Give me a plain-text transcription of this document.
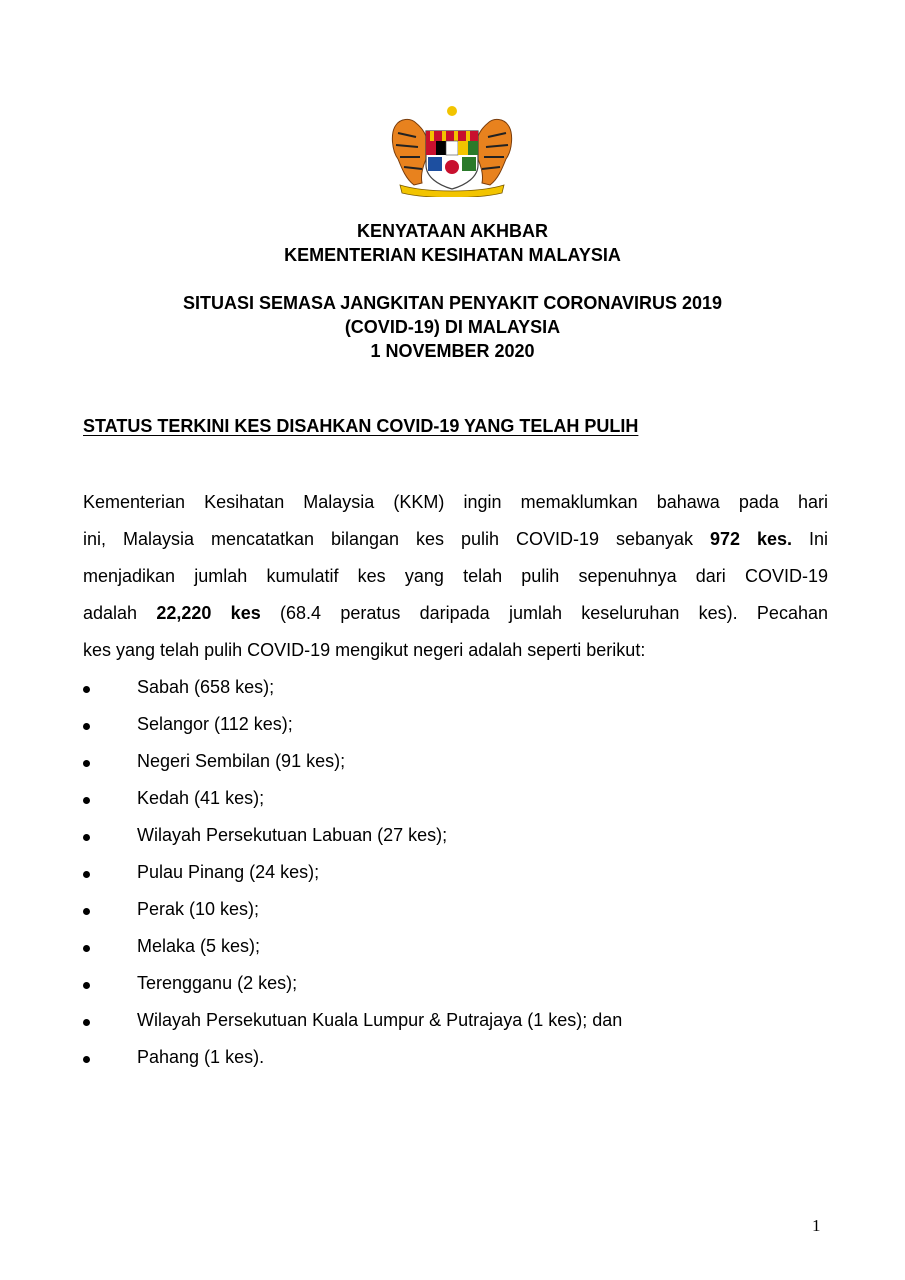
KENYATAAN AKHBAR

KEMENTERIAN KESIHATAN MALAYSIA

SITUASI SEMASA JANGKITAN PENYAKIT CORONAVIRUS 2019

(COVID-19) DI MALAYSIA

1 NOVEMBER 2020

STATUS TERKINI KES DISAHKAN COVID-19 YANG TELAH PULIH

Kementerian Kesihatan Malaysia (KKM) ingin memaklumkan bahawa pada hari
ini, Malaysia mencatatkan bilangan kes pulih COVID-19 sebanyak 972 kes. Ini
menjadikan jumlah kumulatif kes yang telah pulih sepenuhnya dari COVID-19
adalah 22,220 kes (68.4 peratus daripada jumlah keseluruhan kes). Pecahan
kes yang telah pulih COVID-19 mengikut negeri adalah seperti berikut:

Sabah (658 kes);
Selangor (112 kes);
Negeri Sembilan (91 kes);
Kedah (41 kes);
Wilayah Persekutuan Labuan (27 kes);
Pulau Pinang (24 kes);
Perak (10 kes);
Melaka (5 kes);
Terengganu (2 kes);
Wilayah Persekutuan Kuala Lumpur & Putrajaya (1 kes); dan
Pahang (1 kes).
1
